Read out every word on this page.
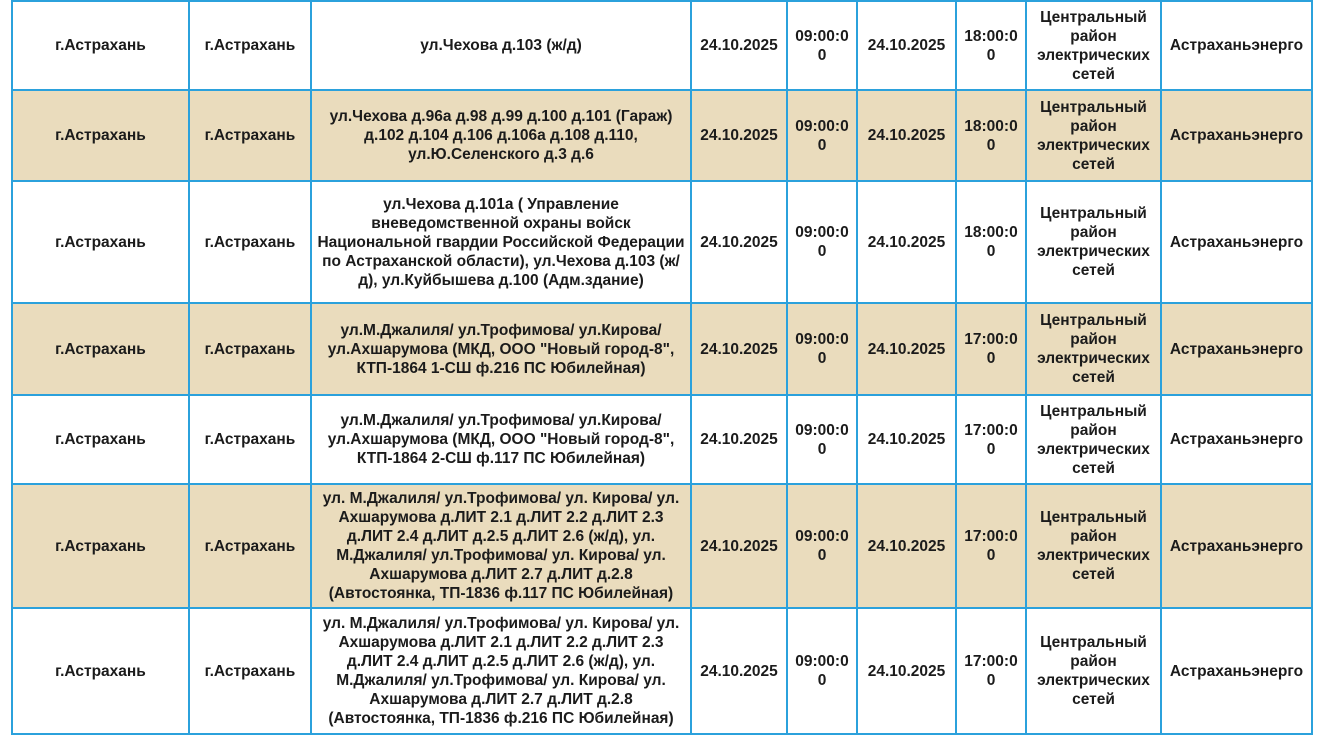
г.Астрахань	г.Астрахань	ул.Чехова д.103 (ж/д)	24.10.2025	09:00:00	24.10.2025	18:00:00	Центральный район электрических сетей	Астраханьэнерго
г.Астрахань	г.Астрахань	ул.Чехова д.96а д.98 д.99 д.100 д.101 (Гараж) д.102 д.104 д.106 д.106а д.108 д.110, ул.Ю.Селенского д.3 д.6	24.10.2025	09:00:00	24.10.2025	18:00:00	Центральный район электрических сетей	Астраханьэнерго
г.Астрахань	г.Астрахань	ул.Чехова д.101а ( Управление вневедомственной охраны войск Национальной гвардии Российской Федерации по Астраханской области), ул.Чехова д.103 (ж/д), ул.Куйбышева д.100 (Адм.здание)	24.10.2025	09:00:00	24.10.2025	18:00:00	Центральный район электрических сетей	Астраханьэнерго
г.Астрахань	г.Астрахань	ул.М.Джалиля/ ул.Трофимова/ ул.Кирова/ ул.Ахшарумова (МКД, ООО "Новый город-8", КТП-1864 1-СШ ф.216 ПС Юбилейная)	24.10.2025	09:00:00	24.10.2025	17:00:00	Центральный район электрических сетей	Астраханьэнерго
г.Астрахань	г.Астрахань	ул.М.Джалиля/ ул.Трофимова/ ул.Кирова/ ул.Ахшарумова (МКД, ООО "Новый город-8", КТП-1864 2-СШ ф.117 ПС Юбилейная)	24.10.2025	09:00:00	24.10.2025	17:00:00	Центральный район электрических сетей	Астраханьэнерго
г.Астрахань	г.Астрахань	ул. М.Джалиля/ ул.Трофимова/ ул. Кирова/ ул. Ахшарумова д.ЛИТ 2.1 д.ЛИТ 2.2 д.ЛИТ 2.3 д.ЛИТ 2.4 д.ЛИТ д.2.5 д.ЛИТ 2.6 (ж/д), ул. М.Джалиля/ ул.Трофимова/ ул. Кирова/ ул. Ахшарумова д.ЛИТ 2.7 д.ЛИТ д.2.8 (Автостоянка, ТП-1836 ф.117 ПС Юбилейная)	24.10.2025	09:00:00	24.10.2025	17:00:00	Центральный район электрических сетей	Астраханьэнерго
г.Астрахань	г.Астрахань	ул. М.Джалиля/ ул.Трофимова/ ул. Кирова/ ул. Ахшарумова д.ЛИТ 2.1 д.ЛИТ 2.2 д.ЛИТ 2.3 д.ЛИТ 2.4 д.ЛИТ д.2.5 д.ЛИТ 2.6 (ж/д), ул. М.Джалиля/ ул.Трофимова/ ул. Кирова/ ул. Ахшарумова д.ЛИТ 2.7 д.ЛИТ д.2.8 (Автостоянка, ТП-1836 ф.216 ПС Юбилейная)	24.10.2025	09:00:00	24.10.2025	17:00:00	Центральный район электрических сетей	Астраханьэнерго
